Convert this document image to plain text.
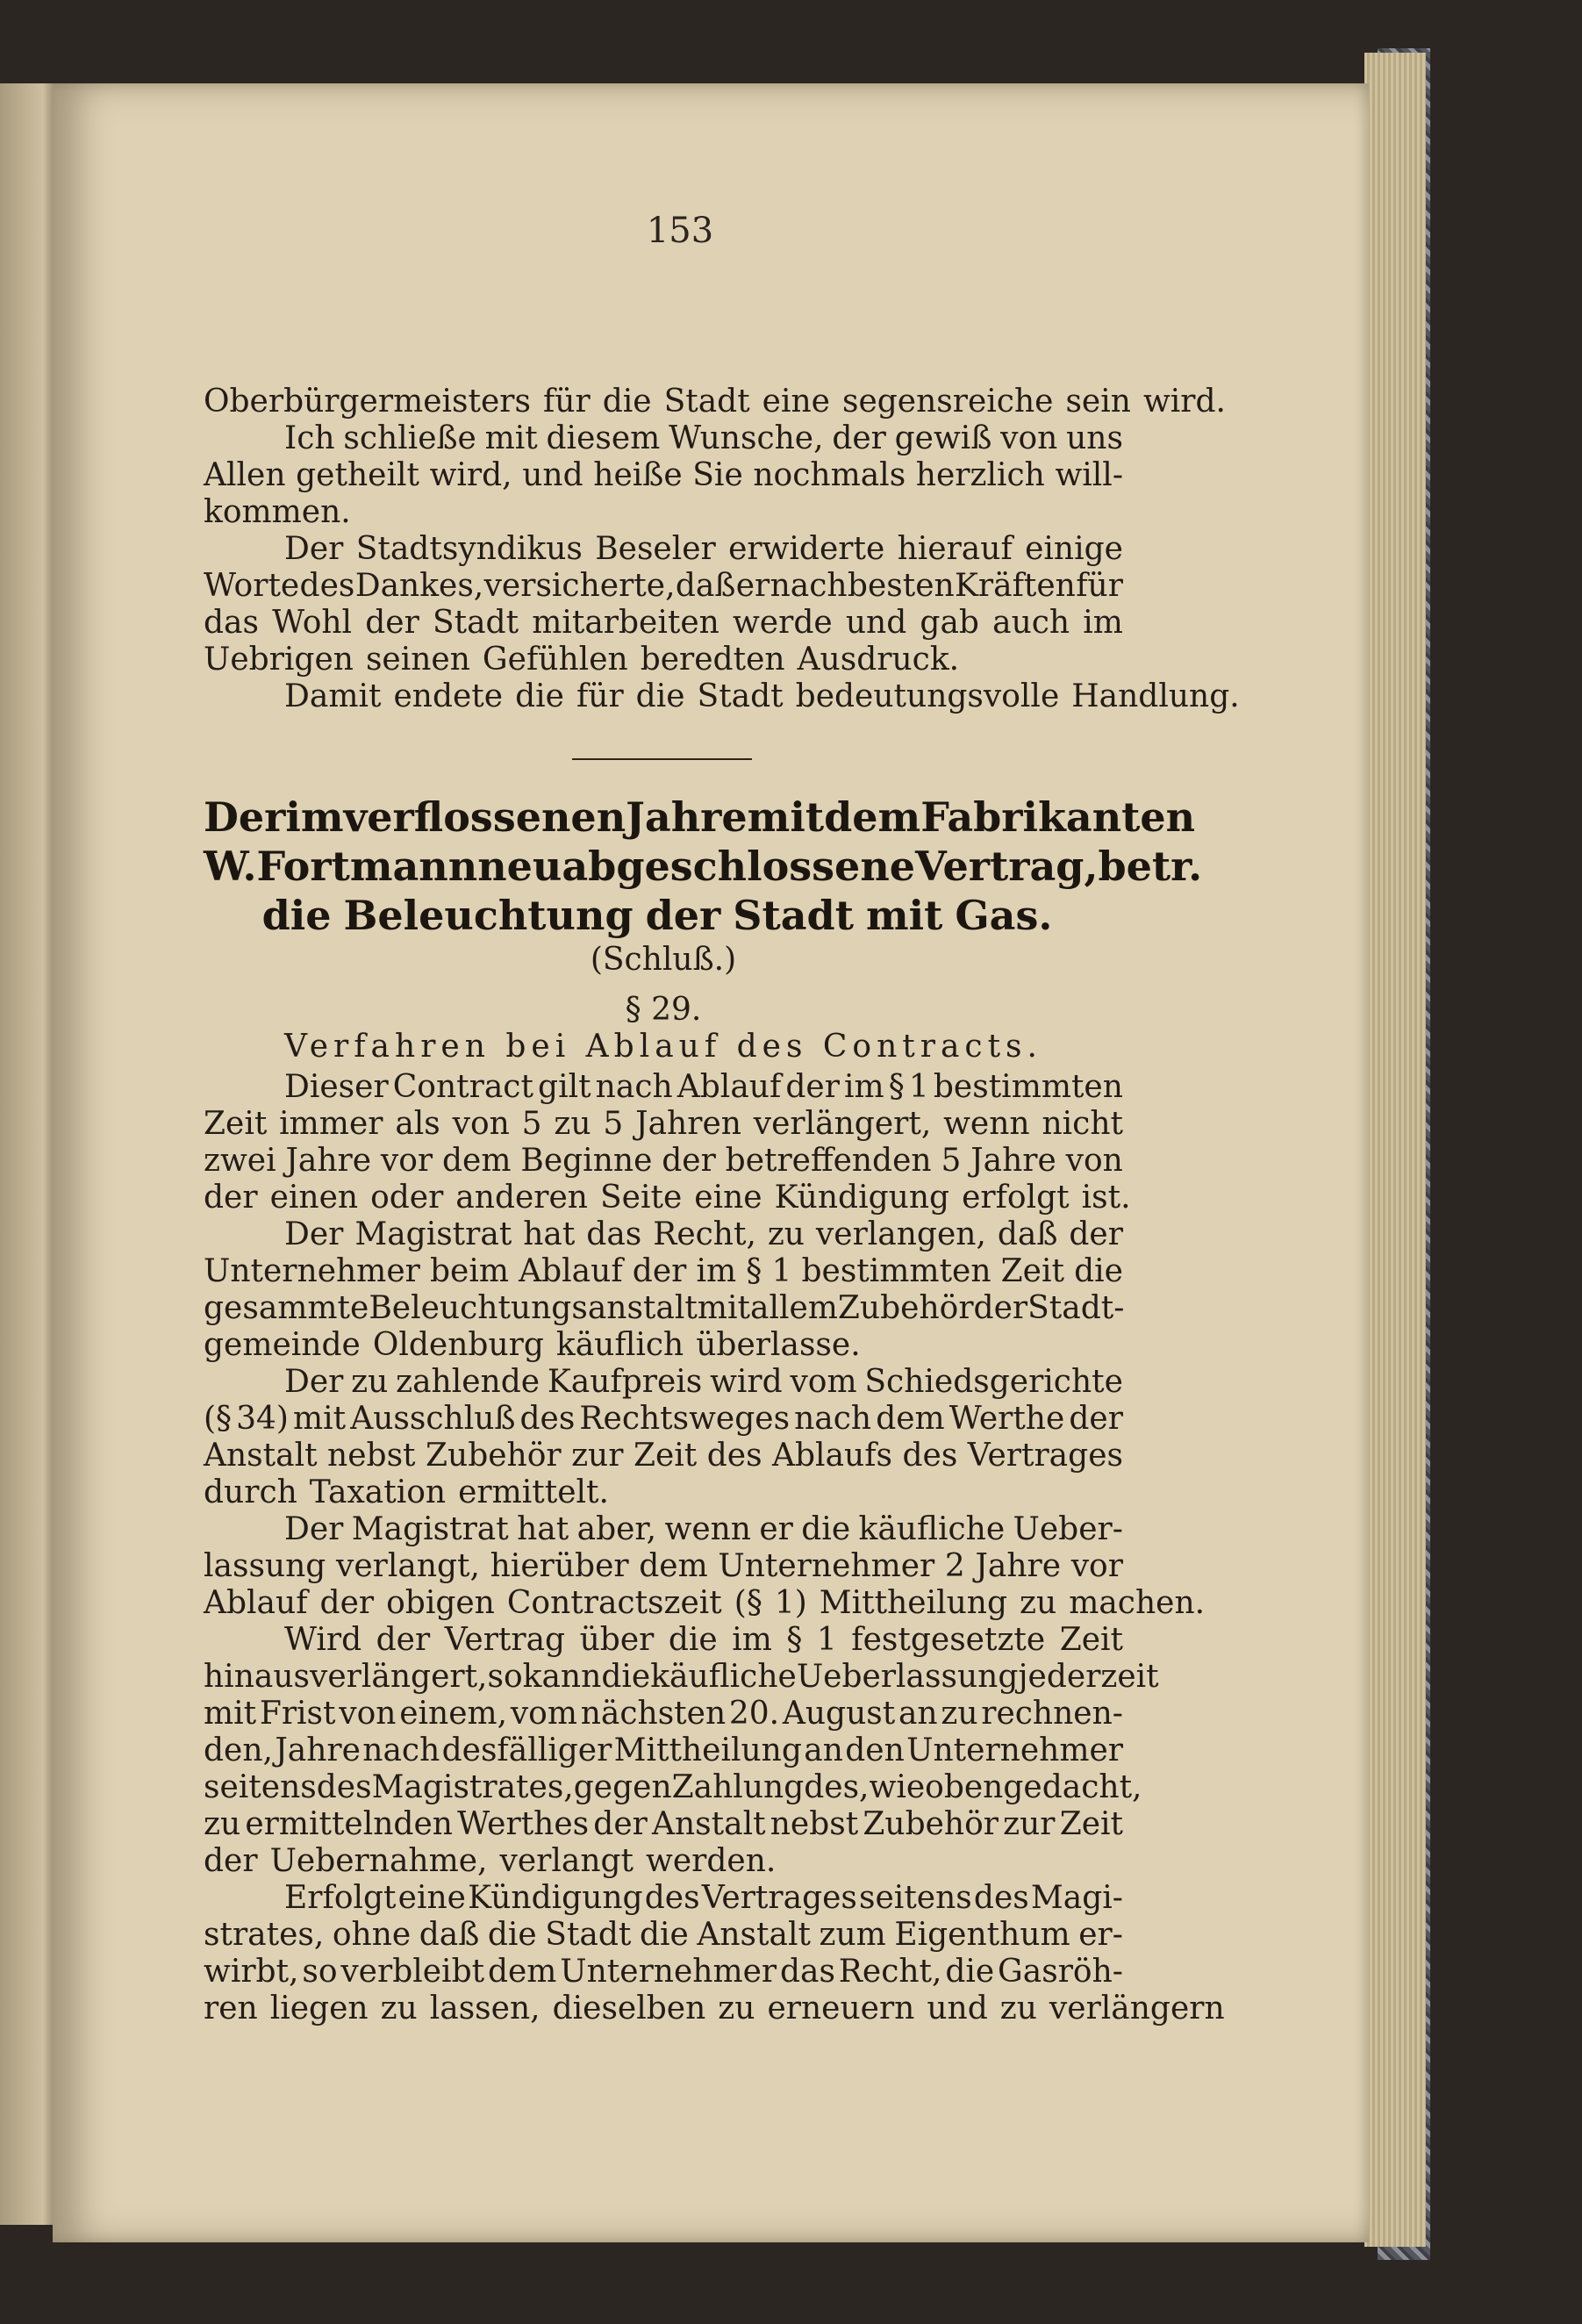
153
Oberbürgermeisters für die Stadt eine segensreiche sein wird.
Ich schließe mit diesem Wunsche, der gewiß von uns
Allen getheilt wird, und heiße Sie nochmals herzlich will-
kommen.
Der Stadtsyndikus Beseler erwiderte hierauf einige
Worte des Dankes, versicherte, daß er nach besten Kräften für
das Wohl der Stadt mitarbeiten werde und gab auch im
Uebrigen seinen Gefühlen beredten Ausdruck.
Damit endete die für die Stadt bedeutungsvolle Handlung.
Der im verflossenen Jahre mit dem Fabrikanten
W. Fortmann neuabgeschlossene Vertrag, betr.
die Beleuchtung der Stadt mit Gas.
(Schluß.)
§ 29.
Verfahren bei Ablauf des Contracts.
Dieser Contract gilt nach Ablauf der im § 1 bestimmten
Zeit immer als von 5 zu 5 Jahren verlängert, wenn nicht
zwei Jahre vor dem Beginne der betreffenden 5 Jahre von
der einen oder anderen Seite eine Kündigung erfolgt ist.
Der Magistrat hat das Recht, zu verlangen, daß der
Unternehmer beim Ablauf der im § 1 bestimmten Zeit die
gesammte Beleuchtungsanstalt mit allem Zubehör der Stadt-
gemeinde Oldenburg käuflich überlasse.
Der zu zahlende Kaufpreis wird vom Schiedsgerichte
(§ 34) mit Ausschluß des Rechtsweges nach dem Werthe der
Anstalt nebst Zubehör zur Zeit des Ablaufs des Vertrages
durch Taxation ermittelt.
Der Magistrat hat aber, wenn er die käufliche Ueber-
lassung verlangt, hierüber dem Unternehmer 2 Jahre vor
Ablauf der obigen Contractszeit (§ 1) Mittheilung zu machen.
Wird der Vertrag über die im § 1 festgesetzte Zeit
hinaus verlängert, so kann die käufliche Ueberlassung jederzeit
mit Frist von einem, vom nächsten 20. August an zu rechnen-
den, Jahre nach desfälliger Mittheilung an den Unternehmer
seitens des Magistrates, gegen Zahlung des, wie oben gedacht,
zu ermittelnden Werthes der Anstalt nebst Zubehör zur Zeit
der Uebernahme, verlangt werden.
Erfolgt eine Kündigung des Vertrages seitens des Magi-
strates, ohne daß die Stadt die Anstalt zum Eigenthum er-
wirbt, so verbleibt dem Unternehmer das Recht, die Gasröh-
ren liegen zu lassen, dieselben zu erneuern und zu verlängern
